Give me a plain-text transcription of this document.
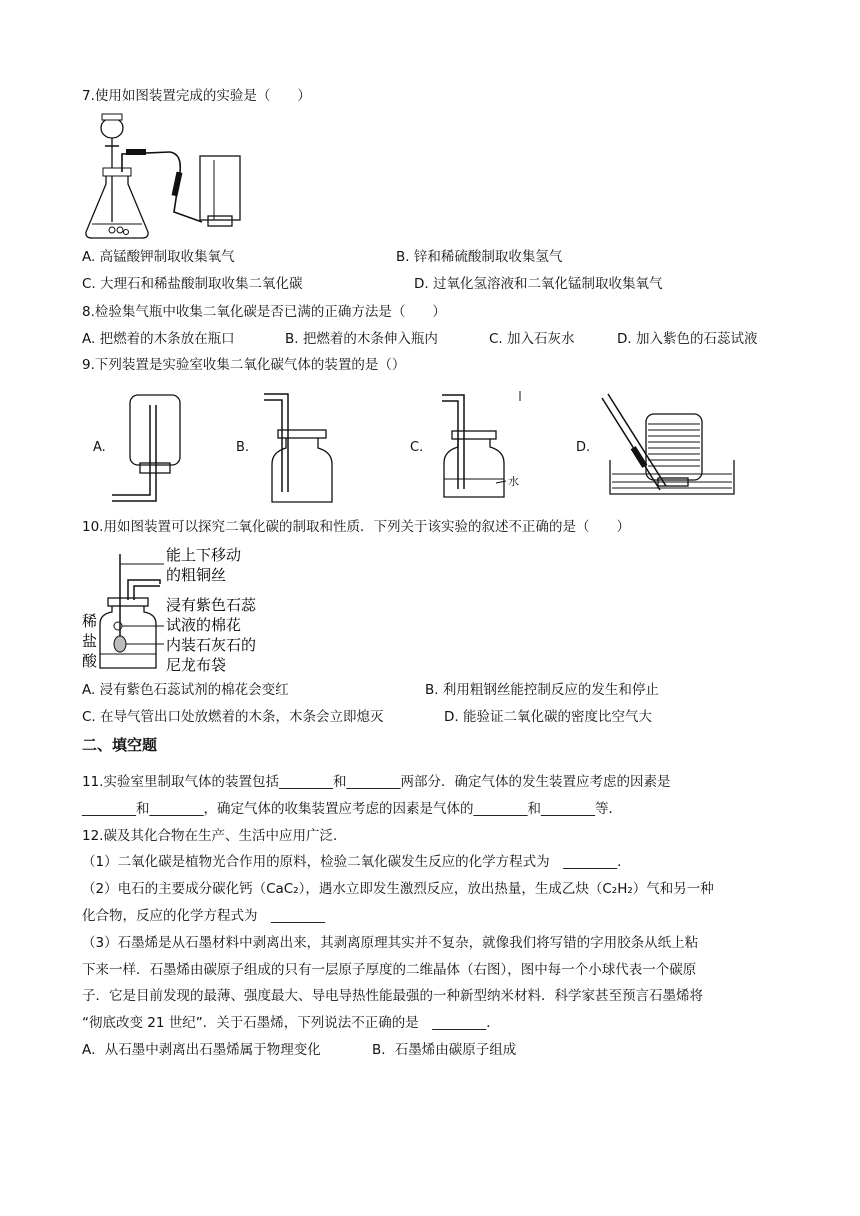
7.使用如图装置完成的实验是（　　）
A. 高锰酸钾制取收集氧气	B. 锌和稀硫酸制取收集氢气
C. 大理石和稀盐酸制取收集二氧化碳	D. 过氧化氢溶液和二氧化锰制取收集氧气
8.检验集气瓶中收集二氧化碳是否已满的正确方法是（　　）
A. 把燃着的木条放在瓶口	B. 把燃着的木条伸入瓶内	C. 加入石灰水	D. 加入紫色的石蕊试液
9.下列装置是实验室收集二氧化碳气体的装置的是（）
A.	B.	C.	D.
水
10.用如图装置可以探究二氧化碳的制取和性质．下列关于该实验的叙述不正确的是（　　）
稀
盐
酸
能上下移动
的粗铜丝
浸有紫色石蕊
试液的棉花
内装石灰石的
尼龙布袋
A. 浸有紫色石蕊试剂的棉花会变红	B. 利用粗钢丝能控制反应的发生和停止
C. 在导气管出口处放燃着的木条，木条会立即熄灭	D. 能验证二氧化碳的密度比空气大
二、填空题
11.实验室里制取气体的装置包括________和________两部分．确定气体的发生装置应考虑的因素是
________和________，确定气体的收集装置应考虑的因素是气体的________和________等．
12.碳及其化合物在生产、生活中应用广泛．
（1）二氧化碳是植物光合作用的原料，检验二氧化碳发生反应的化学方程式为　________．
（2）电石的主要成分碳化钙（CaC₂），遇水立即发生激烈反应，放出热量，生成乙炔（C₂H₂）气和另一种
化合物，反应的化学方程式为　________
（3）石墨烯是从石墨材料中剥离出来，其剥离原理其实并不复杂，就像我们将写错的字用胶条从纸上粘
下来一样．石墨烯由碳原子组成的只有一层原子厚度的二维晶体（右图），图中每一个小球代表一个碳原
子．它是目前发现的最薄、强度最大、导电导热性能最强的一种新型纳米材料．科学家甚至预言石墨烯将
“彻底改变 21 世纪”．关于石墨烯，下列说法不正确的是　________．
A．从石墨中剥离出石墨烯属于物理变化	B．石墨烯由碳原子组成
